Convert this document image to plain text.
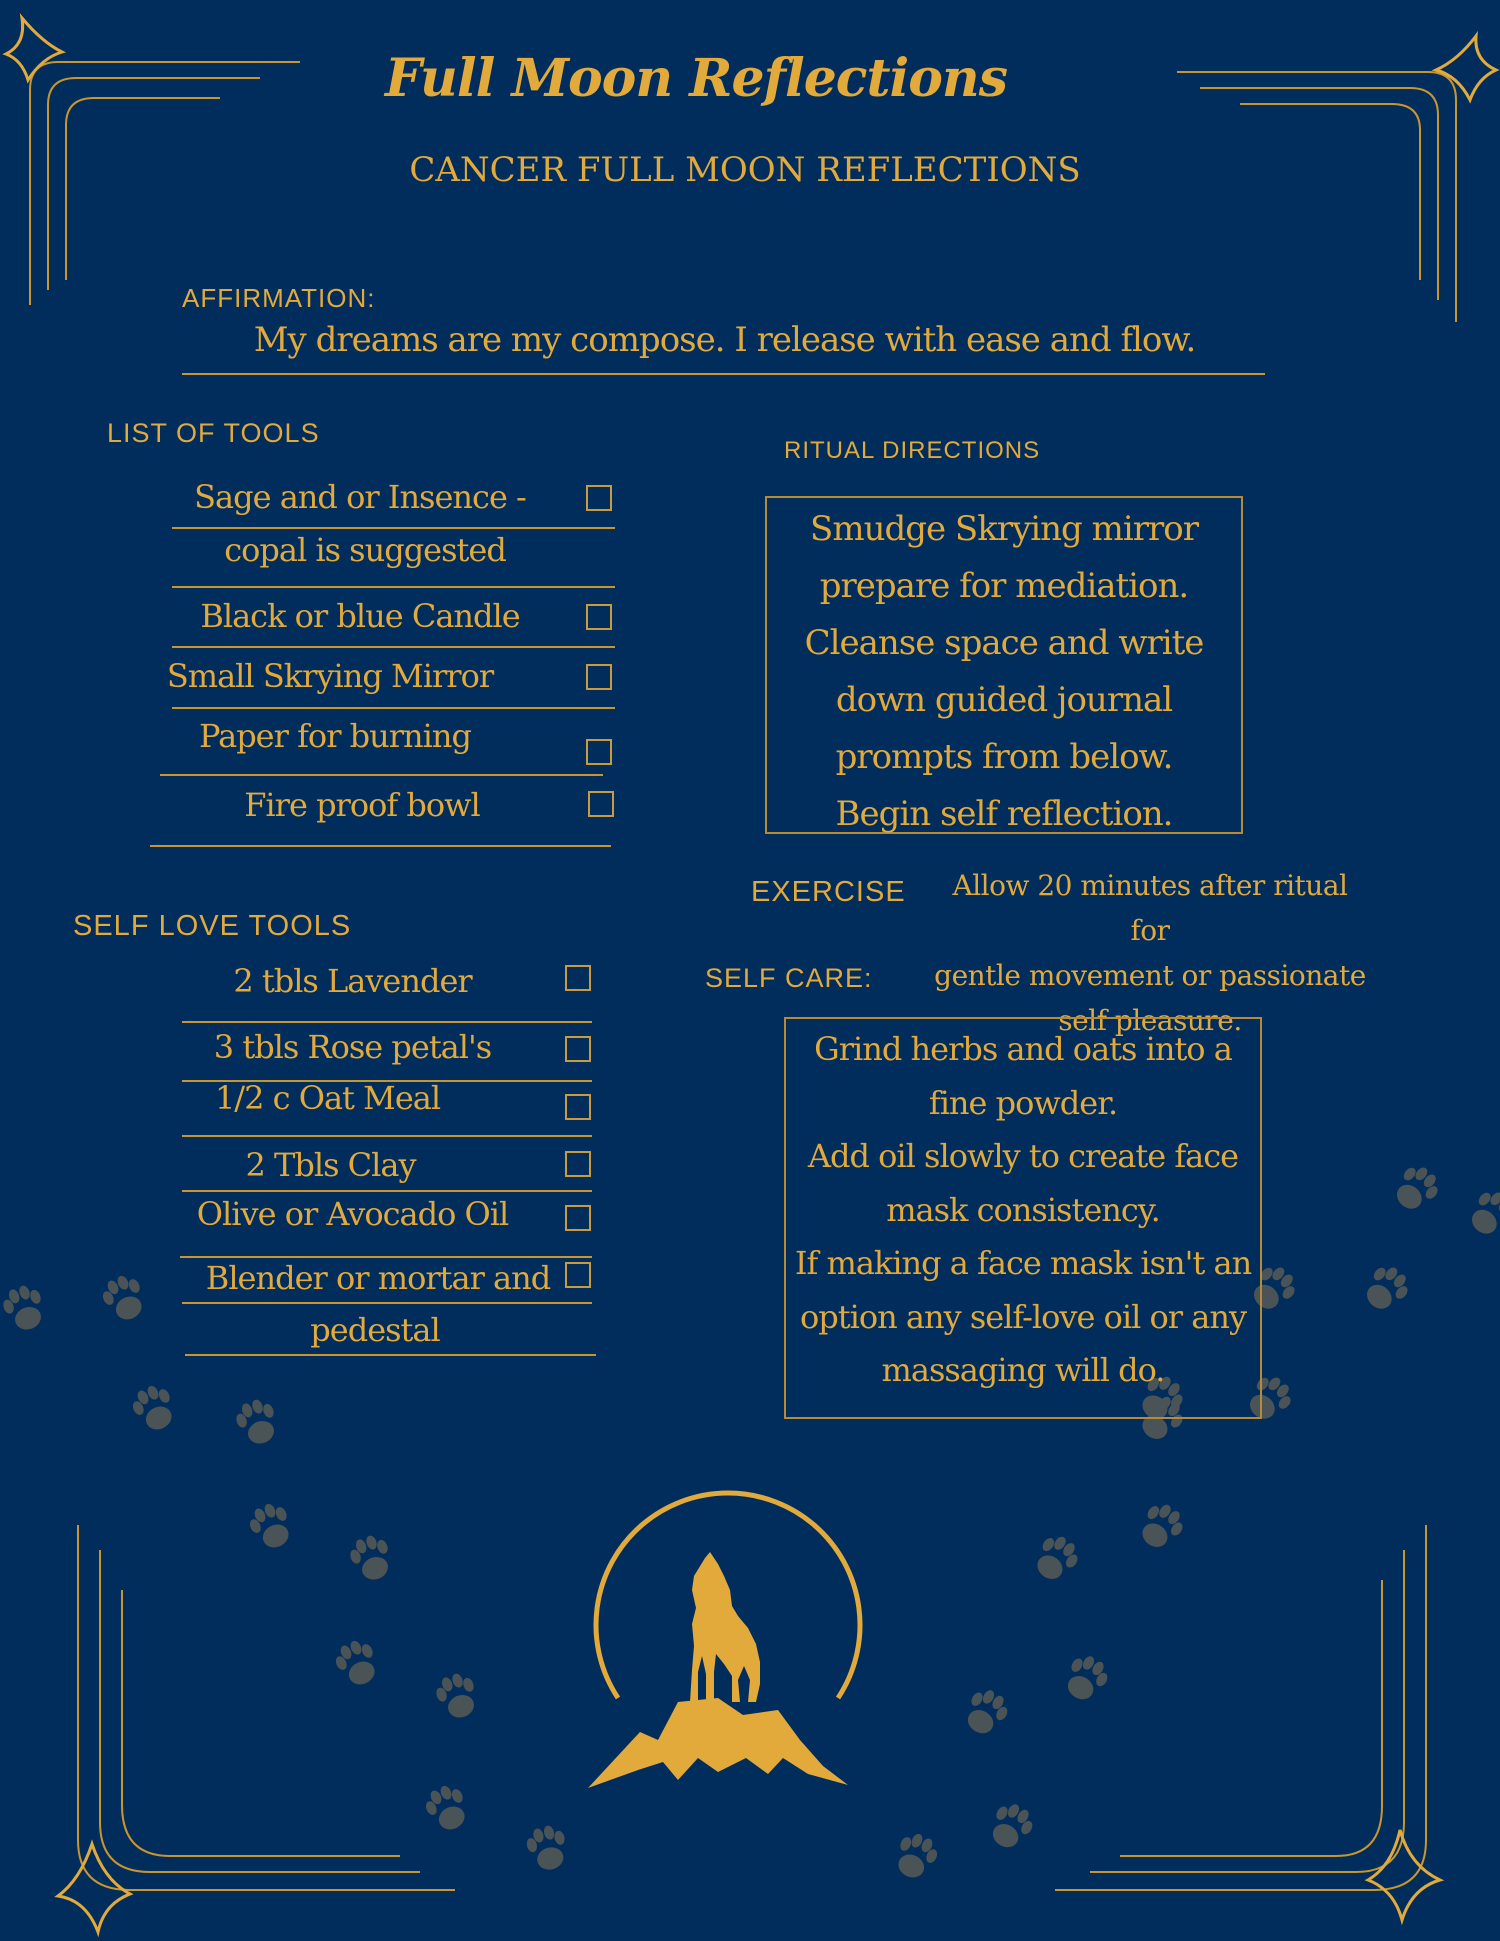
Full Moon Reflections
CANCER FULL MOON REFLECTIONS
AFFIRMATION:
My dreams are my compose. I release with ease and flow.
LIST OF TOOLS
Sage and or Insence -
copal is suggested
Black or blue Candle
Small Skrying Mirror
Paper for burning
Fire proof bowl
RITUAL DIRECTIONS
Smudge Skrying mirror
prepare for mediation.
Cleanse space and write
down guided journal
prompts from below.
Begin self reflection.
EXERCISE	Allow 20 minutes after ritual for
gentle movement or passionate
self pleasure.
SELF LOVE TOOLS
2 tbls Lavender
3 tbls Rose petal's
1/2 c Oat Meal
2 Tbls Clay
Olive or Avocado Oil
Blender or mortar and
pedestal
SELF CARE:
Grind herbs and oats into a
fine powder.
Add oil slowly to create face
mask consistency.
If making a face mask isn't an
option any self-love oil or any
massaging will do.
